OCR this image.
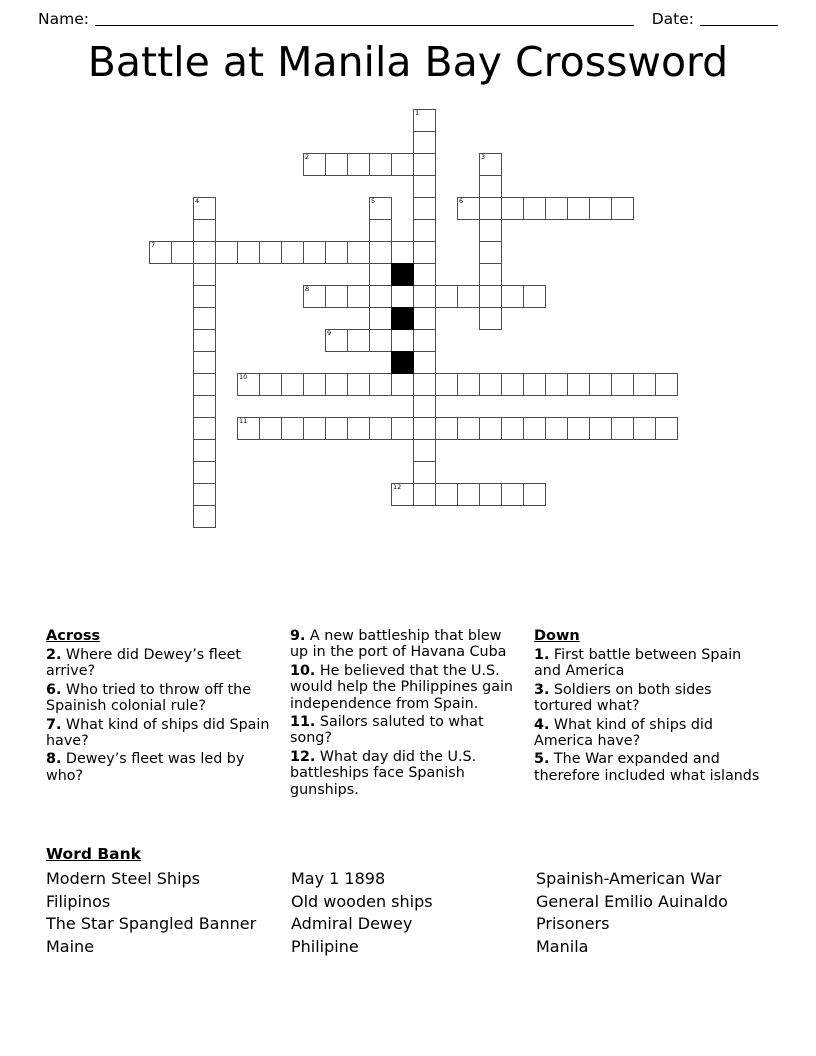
Name:	Date:
Battle at Manila Bay Crossword
1
2	3
4	5	6
7
8
9
10
11
12
Across

2. Where did Dewey’s fleet arrive?

6. Who tried to throw off the Spainish colonial rule?

7. What kind of ships did Spain have?

8. Dewey’s fleet was led by who?

9. A new battleship that blew up in the port of Havana Cuba

10. He believed that the U.S. would help the Philippines gain independence from Spain.

11. Sailors saluted to what song?

12. What day did the U.S. battleships face Spanish gunships.

Down

1. First battle between Spain and America

3. Soldiers on both sides tortured what?

4. What kind of ships did America have?

5. The War expanded and therefore included what islands

Word Bank
Modern Steel Ships
Filipinos
The Star Spangled Banner
Maine
May 1 1898
Old wooden ships
Admiral Dewey
Philipine
Spainish-American War
General Emilio Auinaldo
Prisoners
Manila
